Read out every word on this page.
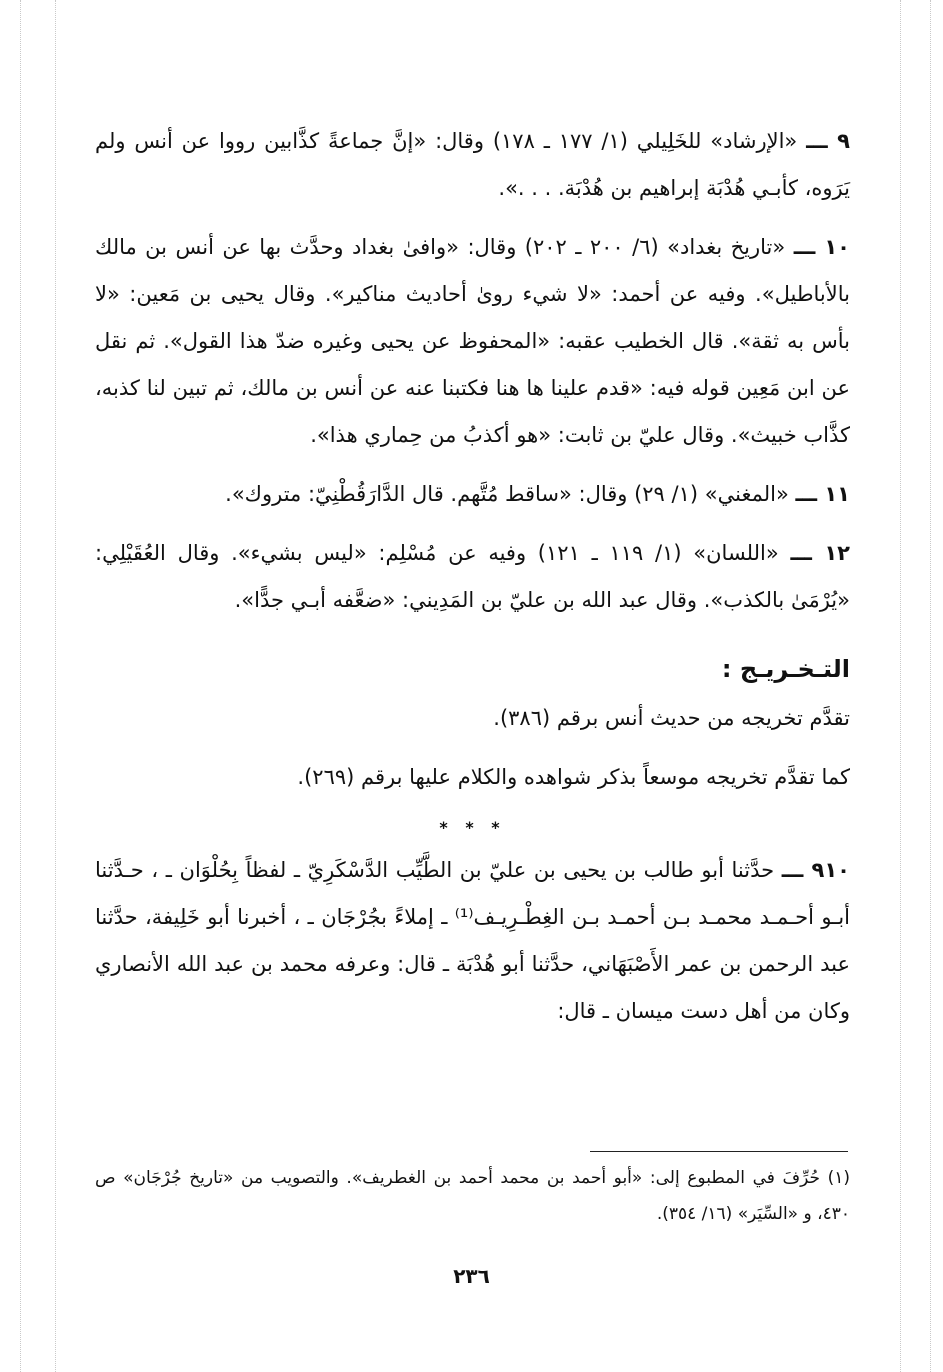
٩ ـــ «الإرشاد» للخَلِيلي (١/ ١٧٧ ـ ١٧٨) وقال: «إنَّ جماعةً كذَّابين رووا عن أنس ولم يَرَوه، كأبـي هُدْبَة إبراهيم بن هُدْبَة. . . .».

١٠ ـــ «تاريخ بغداد» (٦/ ٢٠٠ ـ ٢٠٢) وقال: «وافىٰ بغداد وحدَّث بها عن أنس بن مالك بالأباطيل». وفيه عن أحمد: «لا شيء روىٰ أحاديث مناكير». وقال يحيى بن مَعين: «لا بأس به ثقة». قال الخطيب عقبه: «المحفوظ عن يحيى وغيره ضدّ هذا القول». ثم نقل عن ابن مَعِين قوله فيه: «قدم علينا ها هنا فكتبنا عنه عن أنس بن مالك، ثم تبين لنا كذبه، كذَّاب خبيث». وقال عليّ بن ثابت: «هو أكذبُ من حِماري هذا».

١١ ـــ «المغني» (١/ ٢٩) وقال: «ساقط مُتَّهم. قال الدَّارَقُطْنِيّ: متروك».

١٢ ـــ «اللسان» (١/ ١١٩ ـ ١٢١) وفيه عن مُسْلِم: «ليس بشيء». وقال العُقَيْلِي: «يُرْمَىٰ بالكذب». وقال عبد الله بن عليّ بن المَدِيني: «ضعَّفه أبـي جدًّا».

التـخـريـج :

تقدَّم تخريجه من حديث أنس برقم (٣٨٦).

كما تقدَّم تخريجه موسعاً بذكر شواهده والكلام عليها برقم (٢٦٩).

* * *

٩١٠ ـــ حدَّثنا أبو طالب بن يحيى بن عليّ بن الطَّيِّب الدَّسْكَرِيّ ـ لفظاً بِحُلْوَان ـ ، حـدَّثنا أبـو أحـمـد محمـد بـن أحمـد بـن الغِطْـرِيـف⁽¹⁾ ـ إملاءً بجُرْجَان ـ ، أخبرنا أبو خَلِيفة، حدَّثنا عبد الرحمن بن عمر الأَصْبَهَاني، حدَّثنا أبو هُدْبَة ـ قال: وعرفه محمد بن عبد الله الأنصاري وكان من أهل دست ميسان ـ قال:

(١) حُرِّفَ في المطبوع إلى: «أبو أحمد بن محمد أحمد بن الغطريف». والتصويب من «تاريخ جُرْجَان» ص ٤٣٠، و «السِّيَر» (١٦/ ٣٥٤).
٢٣٦
